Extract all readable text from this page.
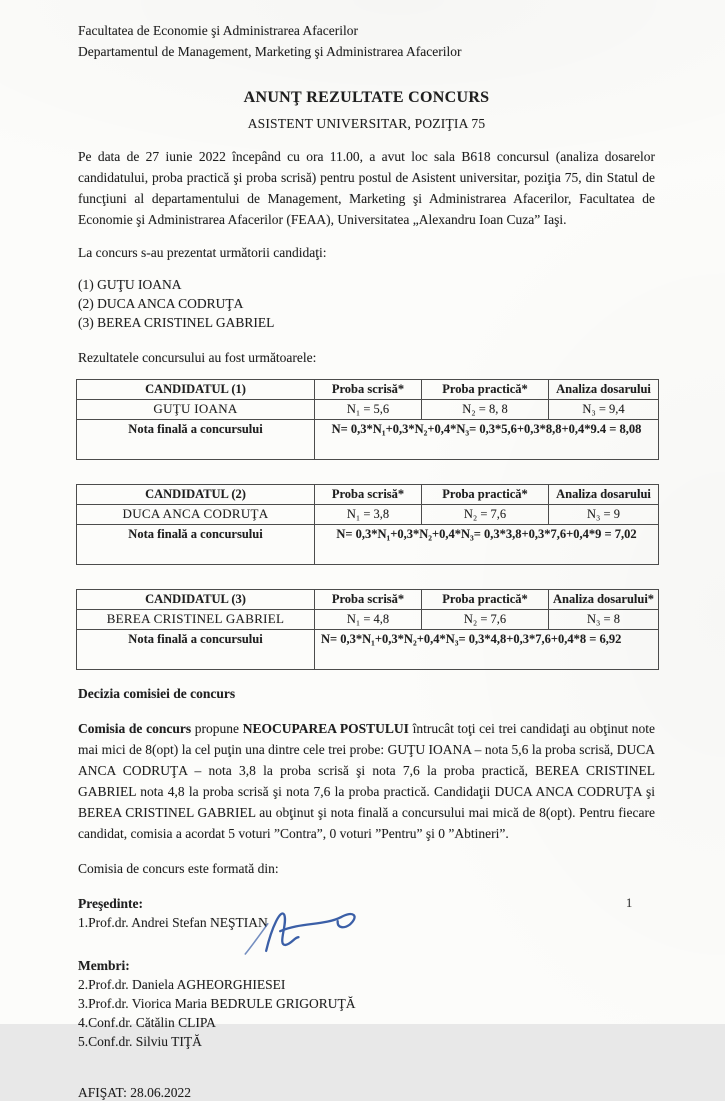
Facultatea de Economie şi Administrarea Afacerilor
Departamentul de Management, Marketing şi Administrarea Afacerilor
ANUNŢ REZULTATE CONCURS
ASISTENT UNIVERSITAR, POZIŢIA 75
Pe data de 27 iunie 2022 începând cu ora 11.00, a avut loc sala B618 concursul (analiza dosarelor candidatului, proba practică şi proba scrisă) pentru postul de Asistent universitar, poziţia 75, din Statul de funcţiuni al departamentului de Management, Marketing şi Administrarea Afacerilor, Facultatea de Economie şi Administrarea Afacerilor (FEAA), Universitatea „Alexandru Ioan Cuza” Iaşi.
La concurs s-au prezentat următorii candidaţi:
(1) GUŢU IOANA
(2) DUCA ANCA CODRUŢA
(3) BEREA CRISTINEL GABRIEL
Rezultatele concursului au fost următoarele:
CANDIDATUL (1)	Proba scrisă*	Proba practică*	Analiza dosarului
GUŢU IOANA	N₁ = 5,6	N₂ = 8, 8	N₃ = 9,4
Nota finală a concursului	N= 0,3*N₁+0,3*N₂+0,4*N₃= 0,3*5,6+0,3*8,8+0,4*9.4 = 8,08		
CANDIDATUL (2)	Proba scrisă*	Proba practică*	Analiza dosarului
DUCA ANCA CODRUŢA	N₁ = 3,8	N₂ = 7,6	N₃ = 9
Nota finală a concursului	N= 0,3*N₁+0,3*N₂+0,4*N₃= 0,3*3,8+0,3*7,6+0,4*9 = 7,02		
CANDIDATUL (3)	Proba scrisă*	Proba practică*	Analiza dosarului*
BEREA CRISTINEL GABRIEL	N₁ = 4,8	N₂ = 7,6	N₃ = 8
Nota finală a concursului	N= 0,3*N₁+0,3*N₂+0,4*N₃= 0,3*4,8+0,3*7,6+0,4*8 = 6,92		
Decizia comisiei de concurs
Comisia de concurs propune NEOCUPAREA POSTULUI întrucât toţi cei trei candidaţi au obţinut note mai mici de 8(opt) la cel puţin una dintre cele trei probe: GUŢU IOANA – nota 5,6 la proba scrisă, DUCA ANCA CODRUŢA – nota 3,8 la proba scrisă şi nota 7,6 la proba practică, BEREA CRISTINEL GABRIEL nota 4,8 la proba scrisă şi nota 7,6 la proba practică. Candidaţii DUCA ANCA CODRUŢA şi BEREA CRISTINEL GABRIEL au obţinut şi nota finală a concursului mai mică de 8(opt). Pentru fiecare candidat, comisia a acordat 5 voturi ”Contra”, 0 voturi ”Pentru” şi 0 ”Abtineri”.
Comisia de concurs este formată din:
Preşedinte:
1.Prof.dr. Andrei Stefan NEŞTIAN
Membri:
2.Prof.dr. Daniela AGHEORGHIESEI
3.Prof.dr. Viorica Maria BEDRULE GRIGORUŢĂ
4.Conf.dr. Cătălin CLIPA
5.Conf.dr. Silviu TIŢĂ
AFIŞAT: 28.06.2022
1
